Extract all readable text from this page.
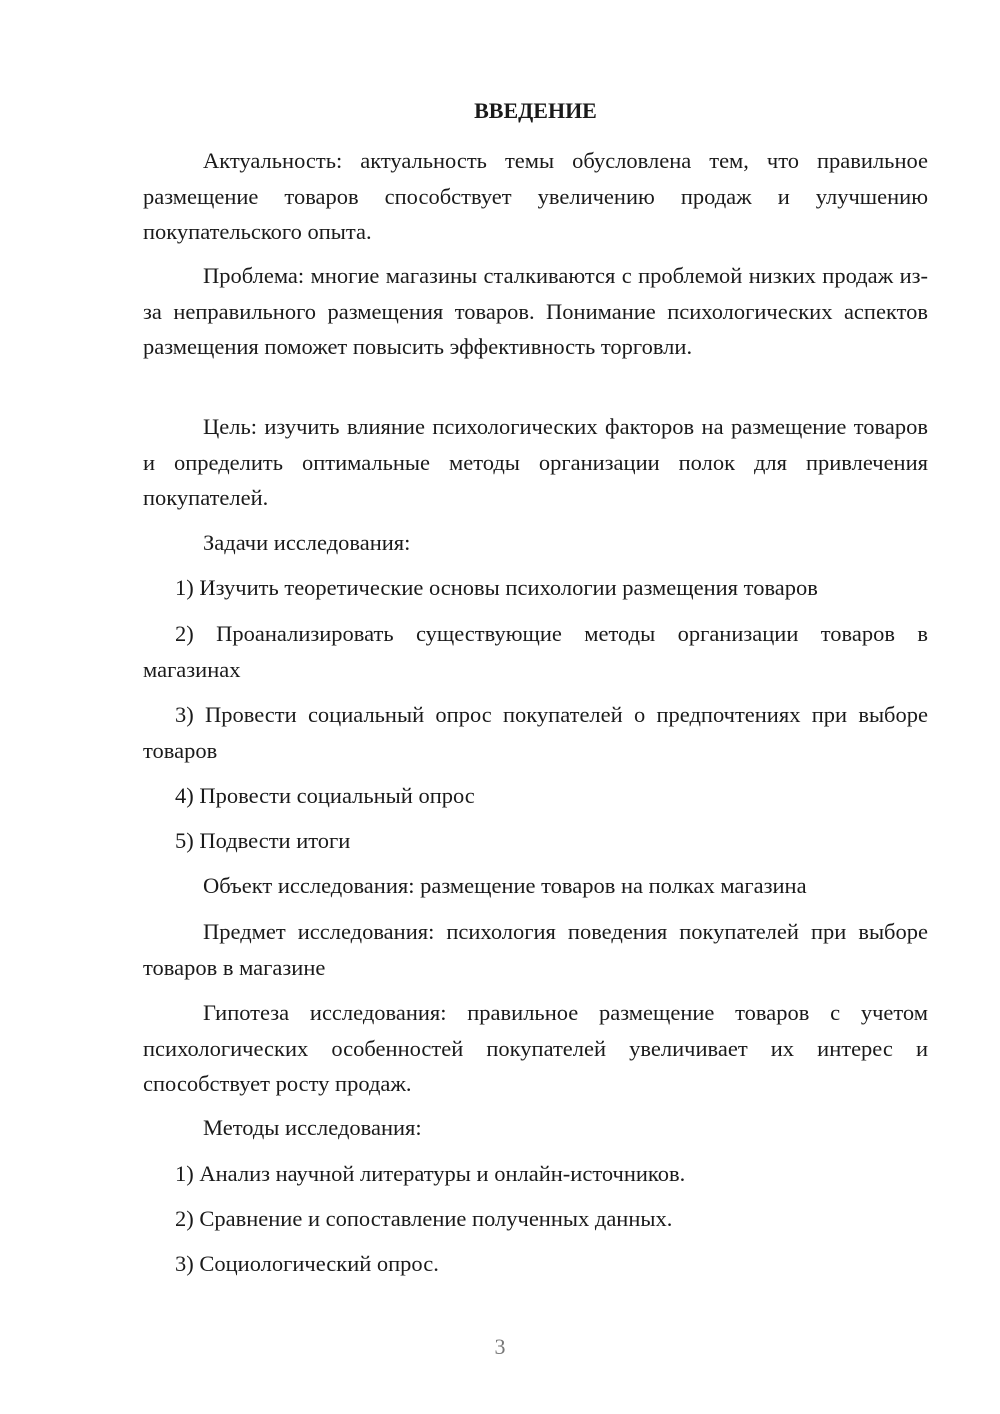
ВВЕДЕНИЕ

Актуальность: актуальность темы обусловлена тем, что правильное размещение товаров способствует увеличению продаж и улучшению покупательского опыта.

Проблема: многие магазины сталкиваются с проблемой низких продаж из-за неправильного размещения товаров. Понимание психологических аспектов размещения поможет повысить эффективность торговли.

Цель: изучить влияние психологических факторов на размещение товаров и определить оптимальные методы организации полок для привлечения покупателей.

Задачи исследования:

1) Изучить теоретические основы психологии размещения товаров

2) Проанализировать существующие методы организации товаров в магазинах

3) Провести социальный опрос покупателей о предпочтениях при выборе товаров

4) Провести социальный опрос

5) Подвести итоги

Объект исследования: размещение товаров на полках магазина

Предмет исследования: психология поведения покупателей при выборе товаров в магазине

Гипотеза исследования: правильное размещение товаров с учетом психологических особенностей покупателей увеличивает их интерес и способствует росту продаж.

Методы исследования:

1) Анализ научной литературы и онлайн-источников.

2) Сравнение и сопоставление полученных данных.

3) Социологический опрос.

3
